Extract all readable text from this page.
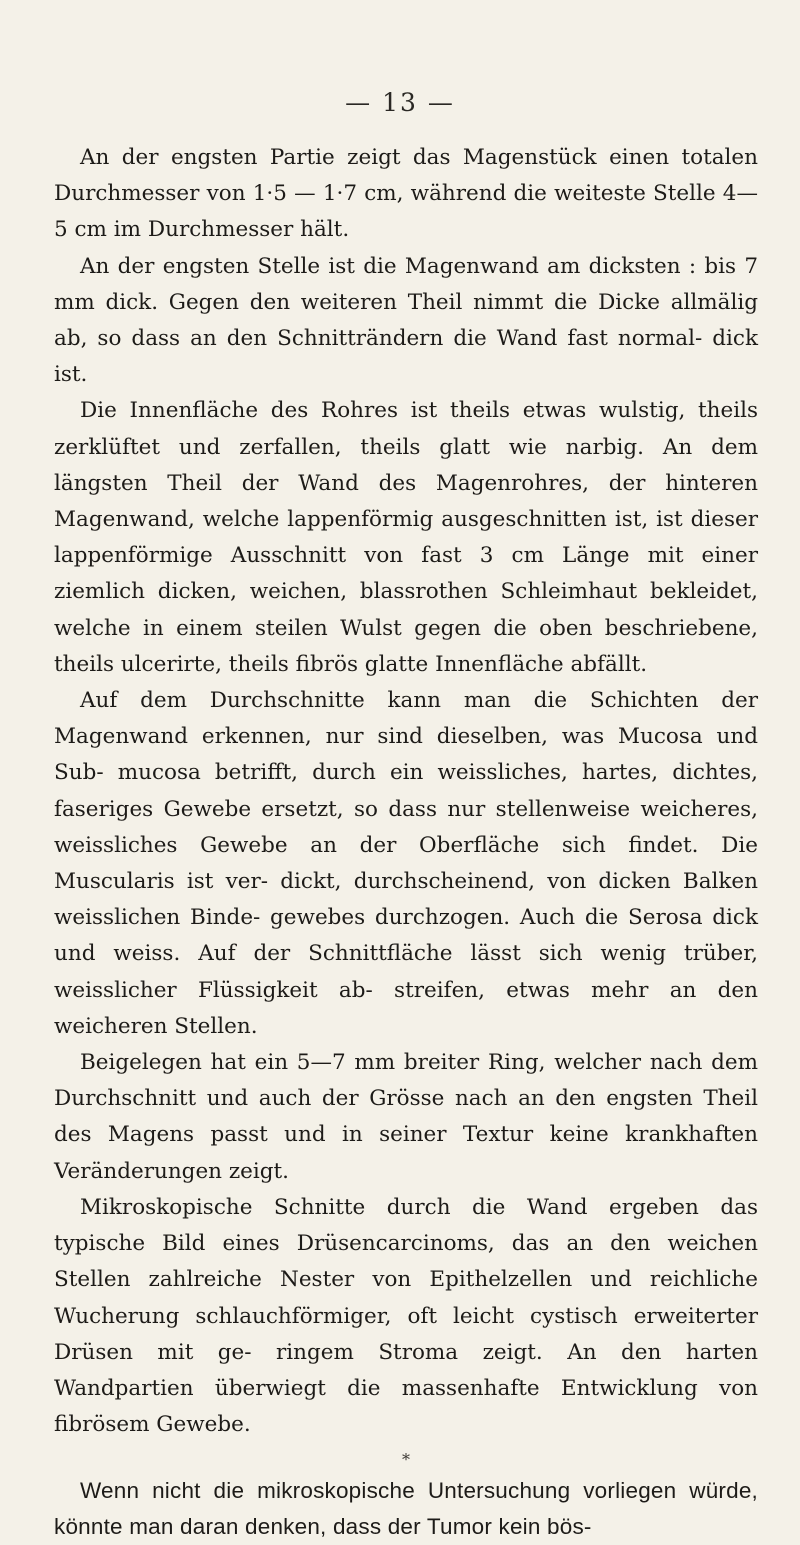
— 13 —

An der engsten Partie zeigt das Magenstück einen totalen Durchmesser von 1·5 — 1·7 cm, während die weiteste Stelle 4—5 cm im Durchmesser hält.

An der engsten Stelle ist die Magenwand am dicksten : bis 7 mm dick. Gegen den weiteren Theil nimmt die Dicke allmälig ab, so dass an den Schnitträndern die Wand fast normal- dick ist.

Die Innenfläche des Rohres ist theils etwas wulstig, theils zerklüftet und zerfallen, theils glatt wie narbig. An dem längsten Theil der Wand des Magenrohres, der hinteren Magenwand, welche lappenförmig ausgeschnitten ist, ist dieser lappenförmige Ausschnitt von fast 3 cm Länge mit einer ziemlich dicken, weichen, blassrothen Schleimhaut bekleidet, welche in einem steilen Wulst gegen die oben beschriebene, theils ulcerirte, theils fibrös glatte Innenfläche abfällt.

Auf dem Durchschnitte kann man die Schichten der Magenwand erkennen, nur sind dieselben, was Mucosa und Sub- mucosa betrifft, durch ein weissliches, hartes, dichtes, faseriges Gewebe ersetzt, so dass nur stellenweise weicheres, weissliches Gewebe an der Oberfläche sich findet. Die Muscularis ist ver- dickt, durchscheinend, von dicken Balken weisslichen Binde- gewebes durchzogen. Auch die Serosa dick und weiss. Auf der Schnittfläche lässt sich wenig trüber, weisslicher Flüssigkeit ab- streifen, etwas mehr an den weicheren Stellen.

Beigelegen hat ein 5—7 mm breiter Ring, welcher nach dem Durchschnitt und auch der Grösse nach an den engsten Theil des Magens passt und in seiner Textur keine krankhaften Veränderungen zeigt.

Mikroskopische Schnitte durch die Wand ergeben das typische Bild eines Drüsencarcinoms, das an den weichen Stellen zahlreiche Nester von Epithelzellen und reichliche Wucherung schlauchförmiger, oft leicht cystisch erweiterter Drüsen mit ge- ringem Stroma zeigt. An den harten Wandpartien überwiegt die massenhafte Entwicklung von fibrösem Gewebe.

*

Wenn nicht die mikroskopische Untersuchung vorliegen würde, könnte man daran denken, dass der Tumor kein bös-
